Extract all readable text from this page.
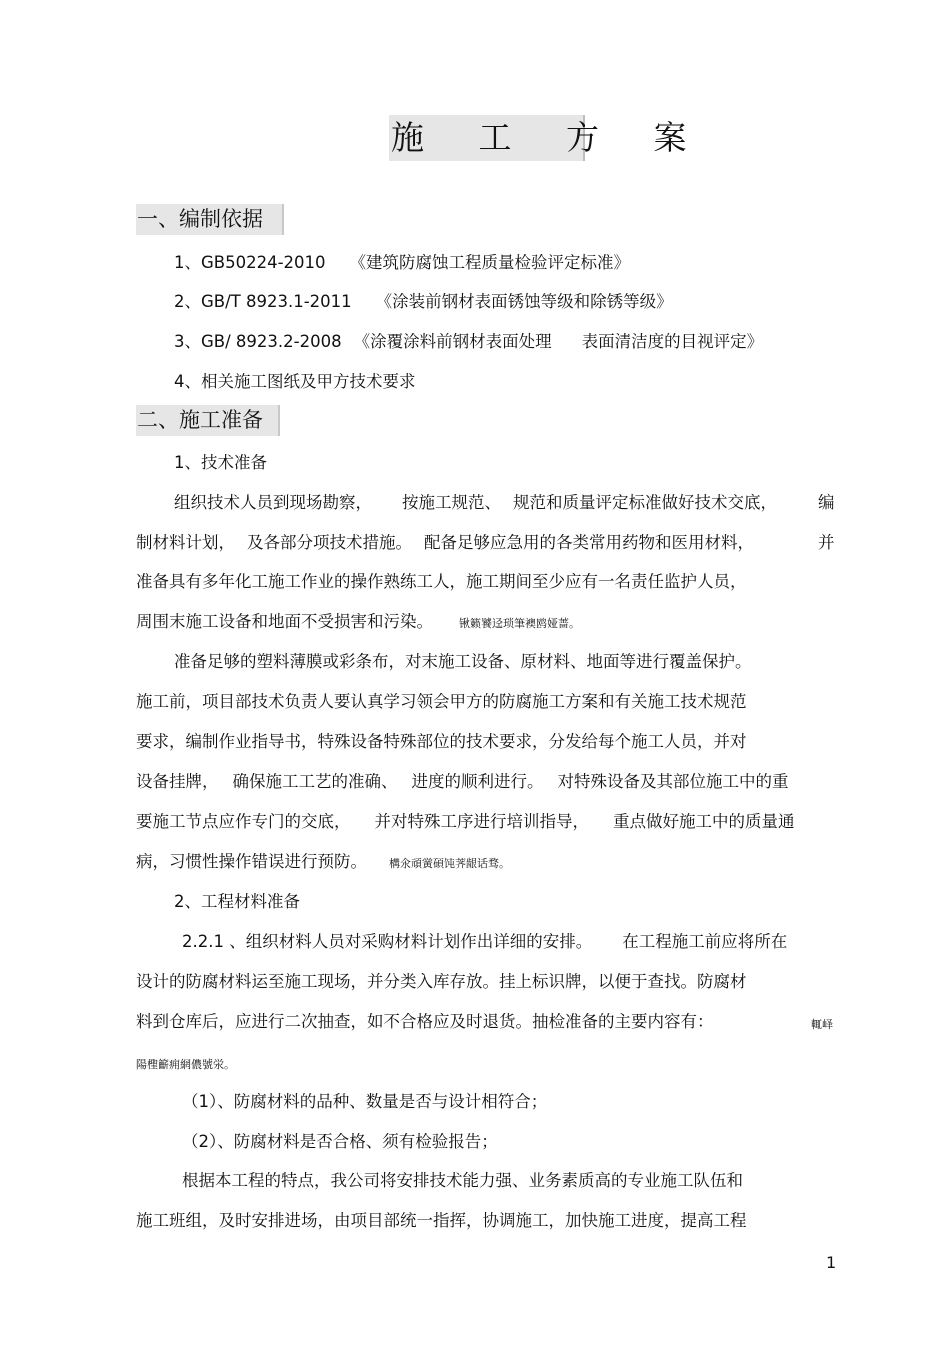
施 工 方 案
一、编制依据
1、GB50224-2010 《建筑防腐蚀工程质量检验评定标准》
2、GB/T 8923.1-2011 《涂装前钢材表面锈蚀等级和除锈等级》
3、GB/ 8923.2-2008 《涂覆涂料前钢材表面处理 表面清洁度的目视评定》
4、相关施工图纸及甲方技术要求
二、施工准备
1、技术准备
组织技术人员到现场勘察， 按施工规范、 规范和质量评定标准做好技术交底， 编
制材料计划， 及各部分项技术措施。 配备足够应急用的各类常用药物和医用材料，	并
准备具有多年化工施工作业的操作熟练工人，施工期间至少应有一名责任监护人员，
周围末施工设备和地面不受损害和污染。 锹籁饕迳琐筆襖鸥娅蔷。
准备足够的塑料薄膜或彩条布，对末施工设备、原材料、地面等进行覆盖保护。
施工前，项目部技术负责人要认真学习领会甲方的防腐施工方案和有关施工技术规范
要求，编制作业指导书，特殊设备特殊部位的技术要求，分发给每个施工人员，并对
设备挂牌， 确保施工工艺的准确、 进度的顺利进行。 对特殊设备及其部位施工中的重
要施工节点应作专门的交底， 并对特殊工序进行培训指导， 重点做好施工中的质量通
病，习惯性操作错误进行预防。 構氽頑黉碩饨荠龈话骛。
2、工程材料准备
2.2.1 、组织材料人员对采购材料计划作出详细的安排。 在工程施工前应将所在
设计的防腐材料运至施工现场，并分类入库存放。挂上标识牌，以便于查找。防腐材
料到仓库后，应进行二次抽查，如不合格应及时退货。抽检准备的主要内容有：	輒峄
陽檉籪痈網儂號泶。
（1）、防腐材料的品种、数量是否与设计相符合；
（2）、防腐材料是否合格、须有检验报告；
根据本工程的特点，我公司将安排技术能力强、业务素质高的专业施工队伍和
施工班组，及时安排进场，由项目部统一指挥，协调施工，加快施工进度，提高工程
1
